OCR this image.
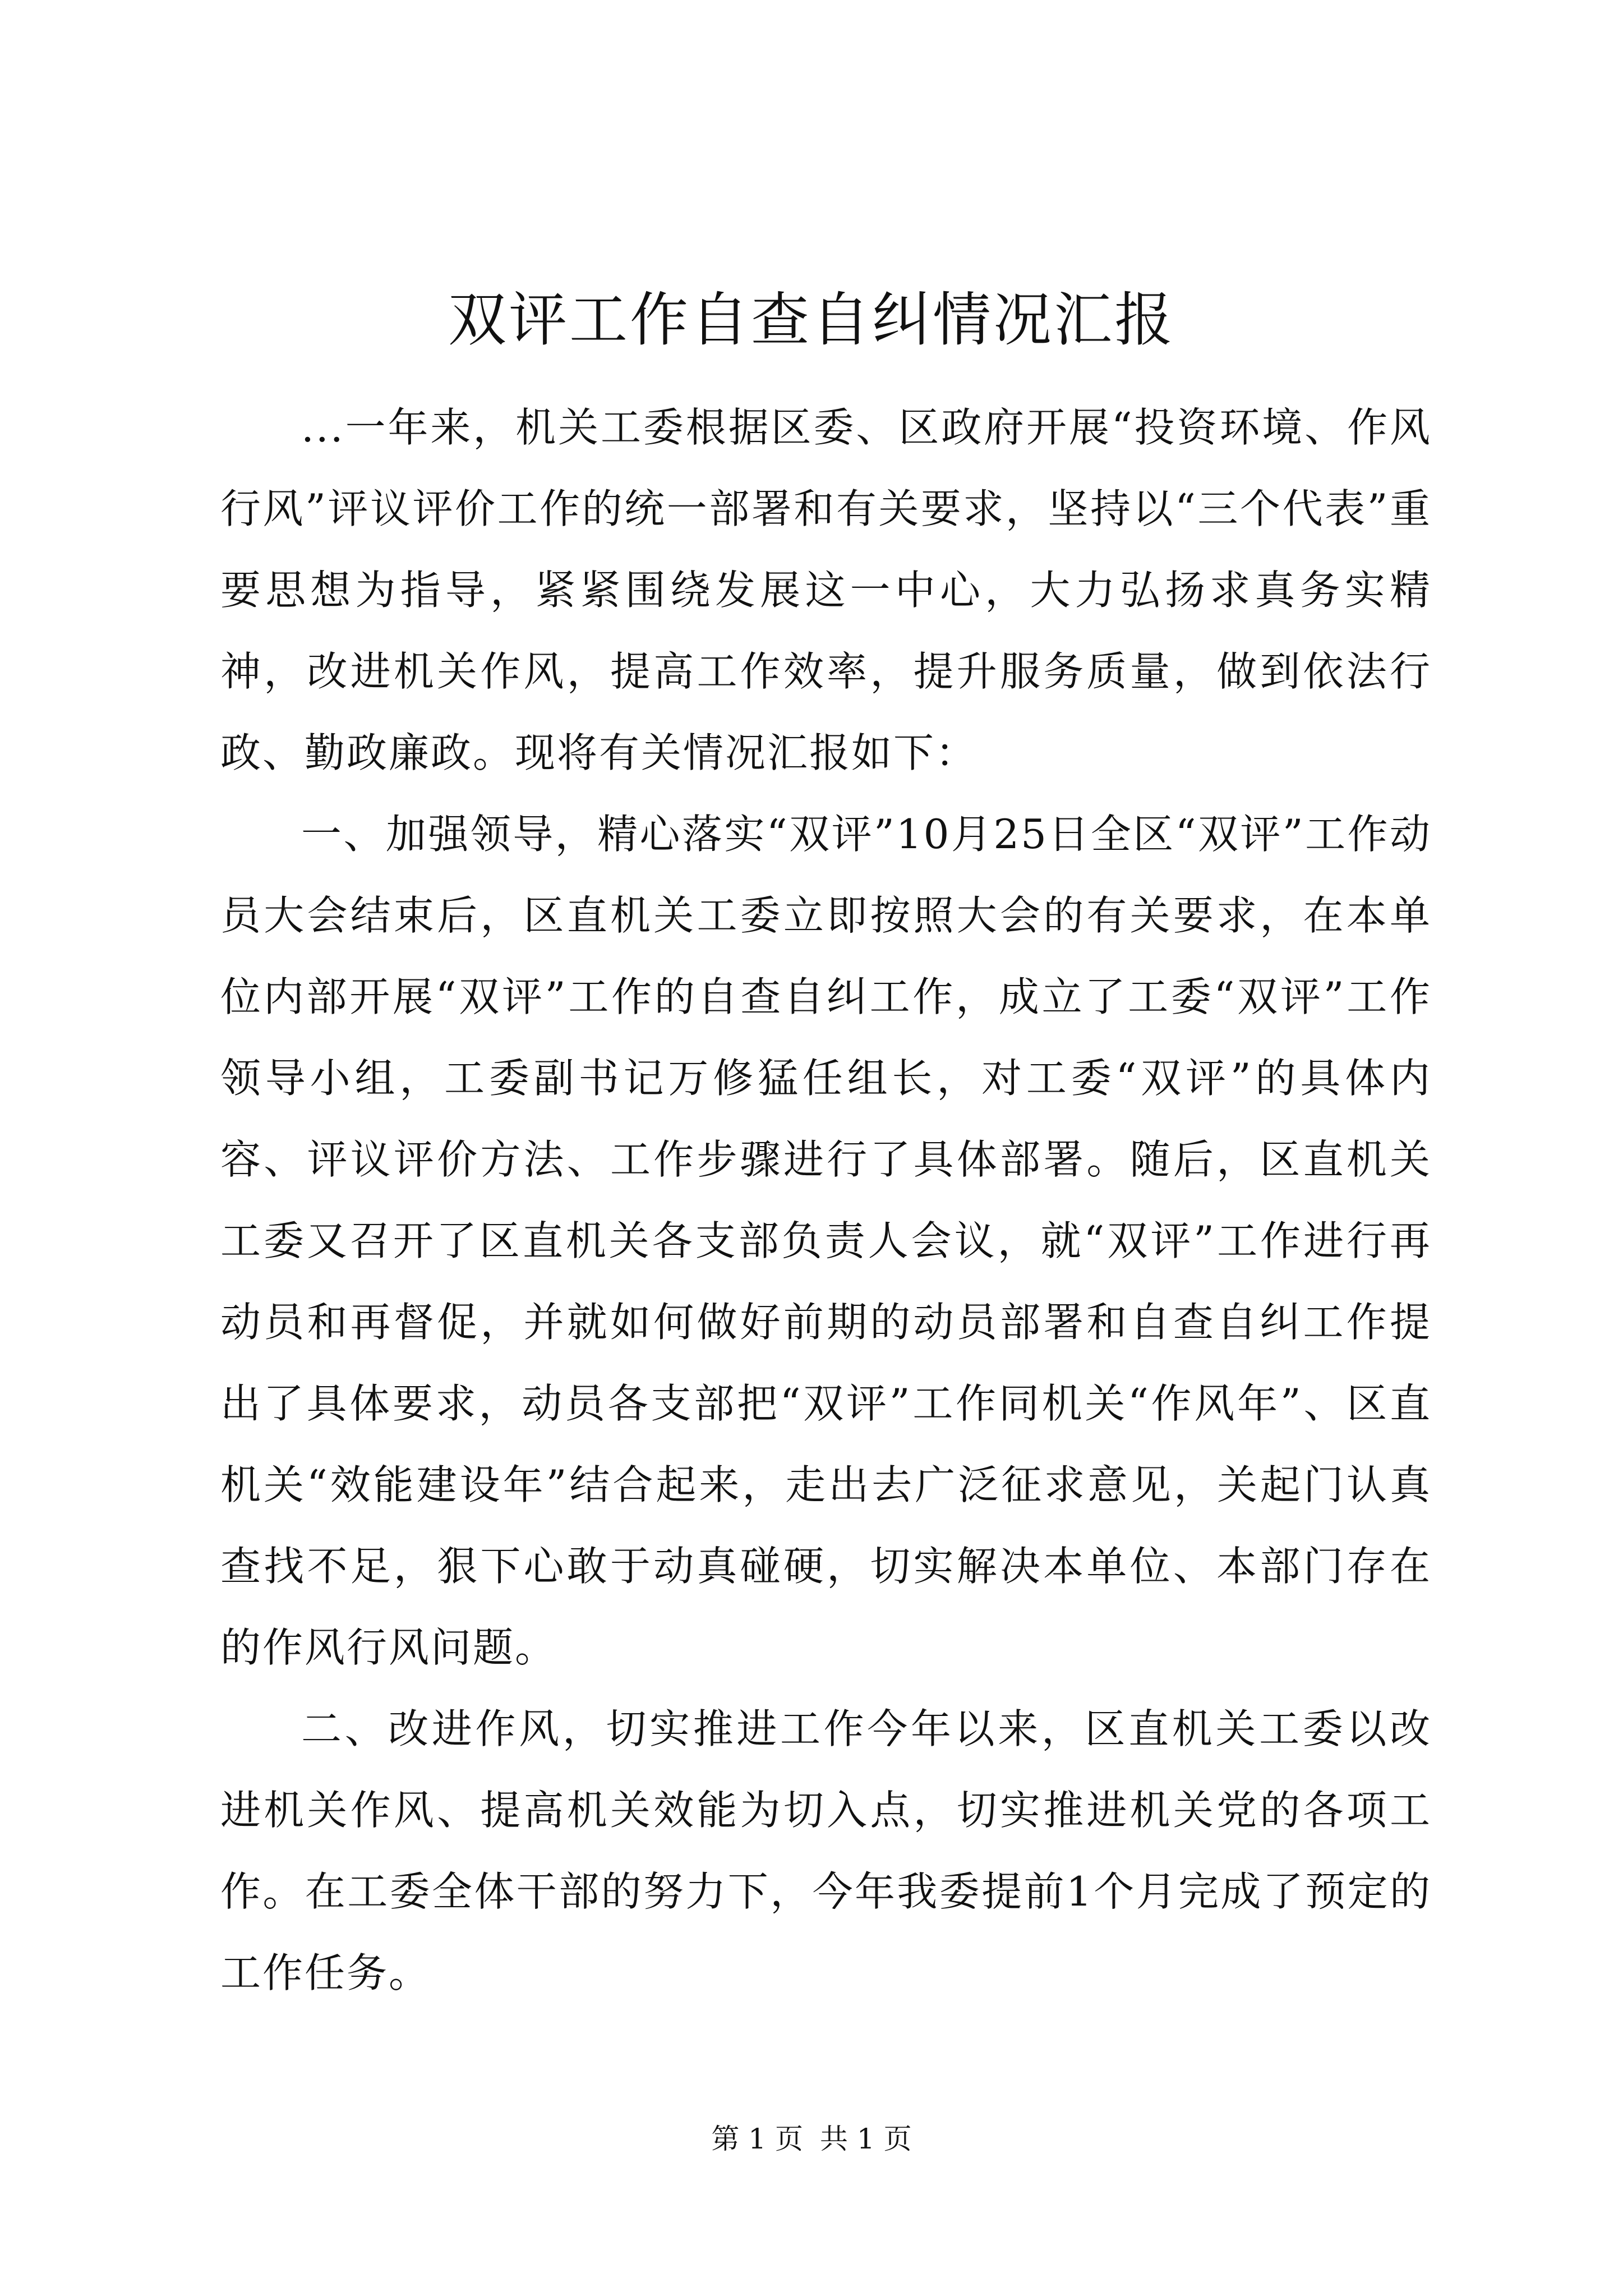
双评工作自查自纠情况汇报

...一年来，机关工委根据区委、区政府开展“投资环境、作风行风”评议评价工作的统一部署和有关要求，坚持以“三个代表”重要思想为指导，紧紧围绕发展这一中心，大力弘扬求真务实精神，改进机关作风，提高工作效率，提升服务质量，做到依法行政、勤政廉政。现将有关情况汇报如下：

一、加强领导，精心落实“双评”10月25日全区“双评”工作动员大会结束后，区直机关工委立即按照大会的有关要求，在本单位内部开展“双评”工作的自查自纠工作，成立了工委“双评”工作领导小组，工委副书记万修猛任组长，对工委“双评”的具体内容、评议评价方法、工作步骤进行了具体部署。随后，区直机关工委又召开了区直机关各支部负责人会议，就“双评”工作进行再动员和再督促，并就如何做好前期的动员部署和自查自纠工作提出了具体要求，动员各支部把“双评”工作同机关“作风年”、区直机关“效能建设年”结合起来，走出去广泛征求意见，关起门认真查找不足，狠下心敢于动真碰硬，切实解决本单位、本部门存在的作风行风问题。

二、改进作风，切实推进工作今年以来，区直机关工委以改进机关作风、提高机关效能为切入点，切实推进机关党的各项工作。在工委全体干部的努力下，今年我委提前1个月完成了预定的工作任务。

第 1 页 共 1 页
